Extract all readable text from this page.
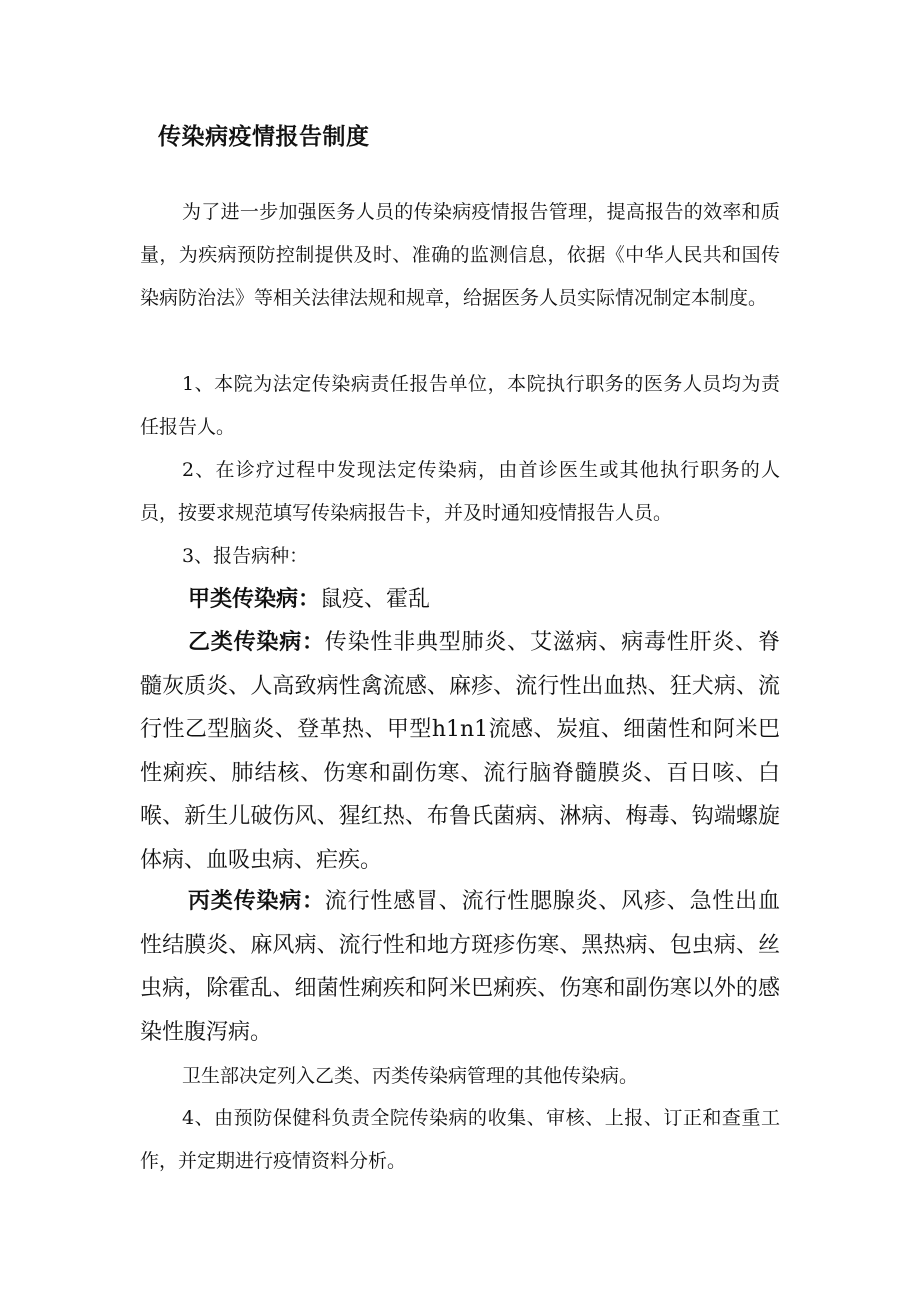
传染病疫情报告制度

为了进一步加强医务人员的传染病疫情报告管理，提高报告的效率和质量，为疾病预防控制提供及时、准确的监测信息，依据《中华人民共和国传染病防治法》等相关法律法规和规章，给据医务人员实际情况制定本制度。

1、本院为法定传染病责任报告单位，本院执行职务的医务人员均为责任报告人。

2、在诊疗过程中发现法定传染病，由首诊医生或其他执行职务的人员，按要求规范填写传染病报告卡，并及时通知疫情报告人员。

3、报告病种：

甲类传染病：鼠疫、霍乱

乙类传染病：传染性非典型肺炎、艾滋病、病毒性肝炎、脊髓灰质炎、人高致病性禽流感、麻疹、流行性出血热、狂犬病、流行性乙型脑炎、登革热、甲型h1n1流感、炭疽、细菌性和阿米巴性痢疾、肺结核、伤寒和副伤寒、流行脑脊髓膜炎、百日咳、白喉、新生儿破伤风、猩红热、布鲁氏菌病、淋病、梅毒、钩端螺旋体病、血吸虫病、疟疾。

丙类传染病：流行性感冒、流行性腮腺炎、风疹、急性出血性结膜炎、麻风病、流行性和地方斑疹伤寒、黑热病、包虫病、丝虫病，除霍乱、细菌性痢疾和阿米巴痢疾、伤寒和副伤寒以外的感染性腹泻病。

卫生部决定列入乙类、丙类传染病管理的其他传染病。

4、由预防保健科负责全院传染病的收集、审核、上报、订正和查重工作，并定期进行疫情资料分析。
